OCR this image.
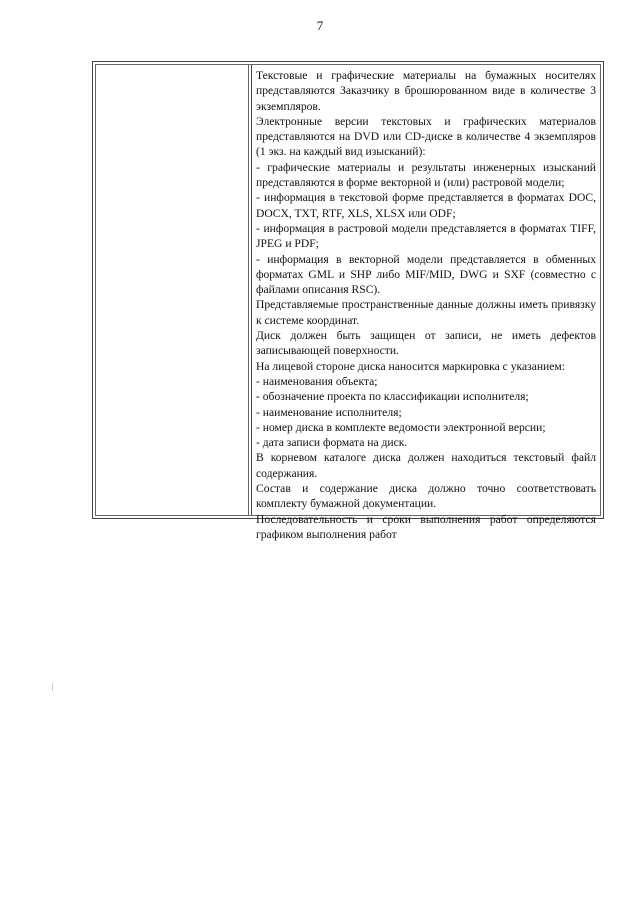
7

Текстовые и графические материалы на бумажных носителях представляются Заказчику в брошюрованном виде в количестве 3 экземпляров.

Электронные версии текстовых и графических материалов представляются на DVD или CD-диске в количестве 4 экземпляров (1 экз. на каждый вид изысканий):

- графические материалы и результаты инженерных изысканий представляются в форме векторной и (или) растровой модели;

- информация в текстовой форме представляется в форматах DOC, DOCX, TXT, RTF, XLS, XLSX или ODF;

- информация в растровой модели представляется в форматах TIFF, JPEG и PDF;

- информация в векторной модели представляется в обменных форматах GML и SHP либо MIF/MID, DWG и SXF (совместно с файлами описания RSC).

Представляемые пространственные данные должны иметь привязку к системе координат.

Диск должен быть защищен от записи, не иметь дефектов записывающей поверхности.

На лицевой стороне диска наносится маркировка с указанием:

- наименования объекта;

- обозначение проекта по классификации исполнителя;

- наименование исполнителя;

- номер диска в комплекте ведомости электронной версии;

- дата записи формата на диск.

В корневом каталоге диска должен находиться текстовый файл содержания.

Состав и содержание диска должно точно соответствовать комплекту бумажной документации.

Последовательность и сроки выполнения работ определяются графиком выполнения работ
